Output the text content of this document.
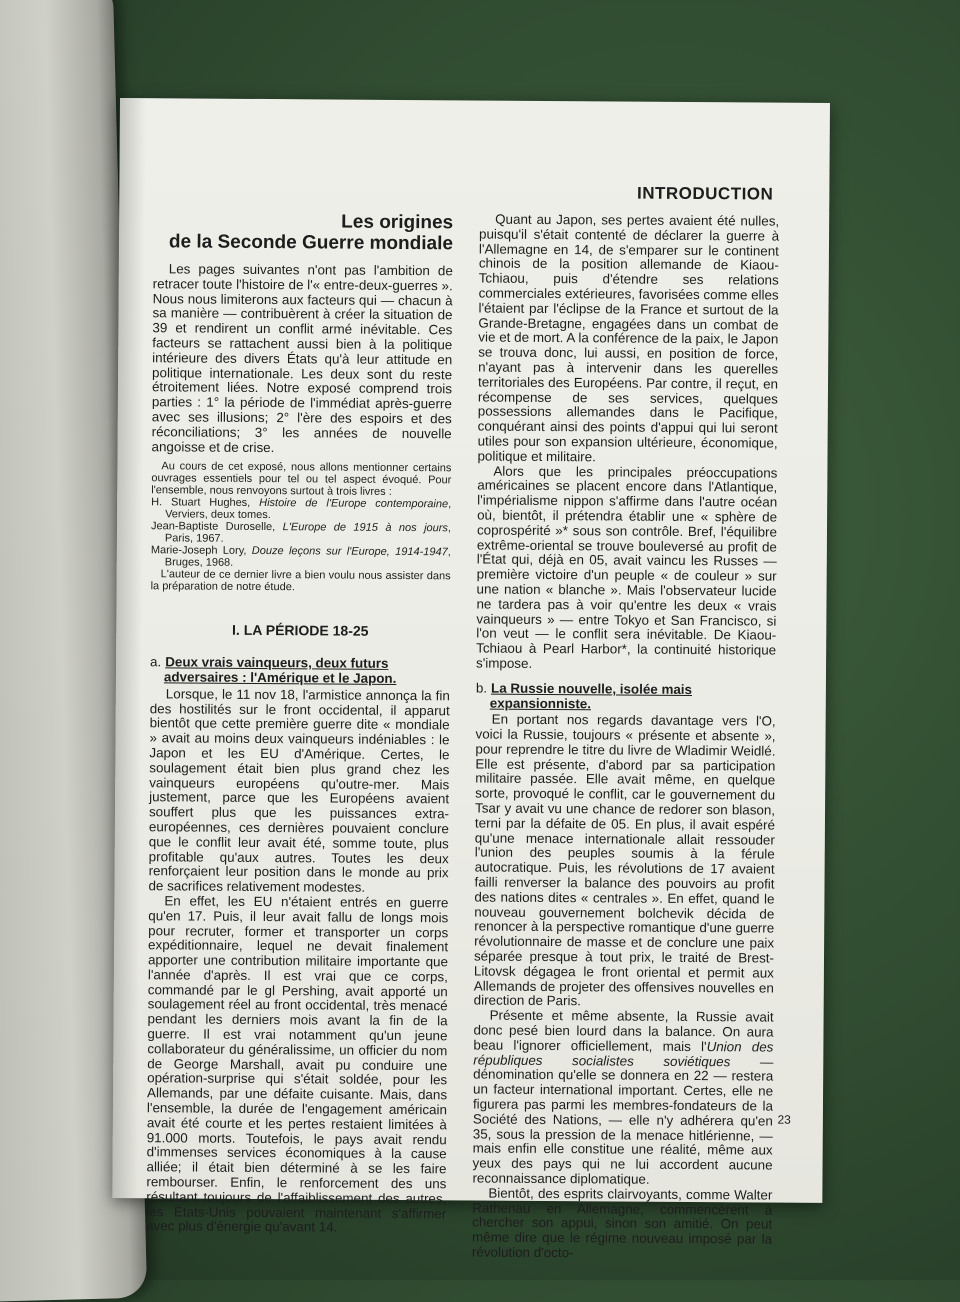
INTRODUCTION
Les origines
de la Seconde Guerre mondiale

Les pages suivantes n'ont pas l'ambition de retracer toute l'histoire de l'« entre-deux-guerres ». Nous nous limiterons aux facteurs qui — chacun à sa manière — contribuèrent à créer la situation de 39 et rendirent un conflit armé inévitable. Ces facteurs se rattachent aussi bien à la politique intérieure des divers États qu'à leur attitude en politique internationale. Les deux sont du reste étroitement liées. Notre exposé comprend trois parties : 1° la période de l'immédiat après-guerre avec ses illusions; 2° l'ère des espoirs et des réconciliations; 3° les années de nouvelle angoisse et de crise.

Au cours de cet exposé, nous allons mentionner certains ouvrages essentiels pour tel ou tel aspect évoqué. Pour l'ensemble, nous renvoyons surtout à trois livres :

H. Stuart Hughes, Histoire de l'Europe contemporaine, Verviers, deux tomes.

Jean-Baptiste Duroselle, L'Europe de 1915 à nos jours, Paris, 1967.

Marie-Joseph Lory, Douze leçons sur l'Europe, 1914-1947, Bruges, 1968.

L'auteur de ce dernier livre a bien voulu nous assister dans la préparation de notre étude.

I. LA PÉRIODE 18-25
a. Deux vrais vainqueurs, deux futurs adversaires : l'Amérique et le Japon.

Lorsque, le 11 nov 18, l'armistice annonça la fin des hostilités sur le front occidental, il apparut bientôt que cette première guerre dite « mondiale » avait au moins deux vainqueurs indéniables : le Japon et les EU d'Amérique. Certes, le soulagement était bien plus grand chez les vainqueurs européens qu'outre-mer. Mais justement, parce que les Européens avaient souffert plus que les puissances extra-européennes, ces dernières pouvaient conclure que le conflit leur avait été, somme toute, plus profitable qu'aux autres. Toutes les deux renforçaient leur position dans le monde au prix de sacrifices relativement modestes.

En effet, les EU n'étaient entrés en guerre qu'en 17. Puis, il leur avait fallu de longs mois pour recruter, former et transporter un corps expéditionnaire, lequel ne devait finalement apporter une contribution militaire importante que l'année d'après. Il est vrai que ce corps, commandé par le gl Pershing, avait apporté un soulagement réel au front occidental, très menacé pendant les derniers mois avant la fin de la guerre. Il est vrai notamment qu'un jeune collaborateur du généralissime, un officier du nom de George Marshall, avait pu conduire une opération-surprise qui s'était soldée, pour les Allemands, par une défaite cuisante. Mais, dans l'ensemble, la durée de l'engagement américain avait été courte et les pertes restaient limitées à 91.000 morts. Toutefois, le pays avait rendu d'immenses services économiques à la cause alliée; il était bien déterminé à se les faire rembourser. Enfin, le renforcement des uns résultant toujours de l'affaiblissement des autres, les États-Unis pouvaient maintenant s'affirmer avec plus d'énergie qu'avant 14.

Quant au Japon, ses pertes avaient été nulles, puisqu'il s'était contenté de déclarer la guerre à l'Allemagne en 14, de s'emparer sur le continent chinois de la position allemande de Kiaou-Tchiaou, puis d'étendre ses relations commerciales extérieures, favorisées comme elles l'étaient par l'éclipse de la France et surtout de la Grande-Bretagne, engagées dans un combat de vie et de mort. A la conférence de la paix, le Japon se trouva donc, lui aussi, en position de force, n'ayant pas à intervenir dans les querelles territoriales des Européens. Par contre, il reçut, en récompense de ses services, quelques possessions allemandes dans le Pacifique, conquérant ainsi des points d'appui qui lui seront utiles pour son expansion ultérieure, économique, politique et militaire.

Alors que les principales préoccupations américaines se placent encore dans l'Atlantique, l'impérialisme nippon s'affirme dans l'autre océan où, bientôt, il prétendra établir une « sphère de coprospérité »* sous son contrôle. Bref, l'équilibre extrême-oriental se trouve bouleversé au profit de l'État qui, déjà en 05, avait vaincu les Russes — première victoire d'un peuple « de couleur » sur une nation « blanche ». Mais l'observateur lucide ne tardera pas à voir qu'entre les deux « vrais vainqueurs » — entre Tokyo et San Francisco, si l'on veut — le conflit sera inévitable. De Kiaou-Tchiaou à Pearl Harbor*, la continuité historique s'impose.

b. La Russie nouvelle, isolée mais expansionniste.

En portant nos regards davantage vers l'O, voici la Russie, toujours « présente et absente », pour reprendre le titre du livre de Wladimir Weidlé. Elle est présente, d'abord par sa participation militaire passée. Elle avait même, en quelque sorte, provoqué le conflit, car le gouvernement du Tsar y avait vu une chance de redorer son blason, terni par la défaite de 05. En plus, il avait espéré qu'une menace internationale allait ressouder l'union des peuples soumis à la férule autocratique. Puis, les révolutions de 17 avaient failli renverser la balance des pouvoirs au profit des nations dites « centrales ». En effet, quand le nouveau gouvernement bolchevik décida de renoncer à la perspective romantique d'une guerre révolutionnaire de masse et de conclure une paix séparée presque à tout prix, le traité de Brest-Litovsk dégagea le front oriental et permit aux Allemands de projeter des offensives nouvelles en direction de Paris.

Présente et même absente, la Russie avait donc pesé bien lourd dans la balance. On aura beau l'ignorer officiellement, mais l'Union des républiques socialistes soviétiques — dénomination qu'elle se donnera en 22 — restera un facteur international important. Certes, elle ne figurera pas parmi les membres-fondateurs de la Société des Nations, — elle n'y adhérera qu'en 35, sous la pression de la menace hitlérienne, — mais enfin elle constitue une réalité, même aux yeux des pays qui ne lui accordent aucune reconnaissance diplomatique.

Bientôt, des esprits clairvoyants, comme Walter Rathenau en Allemagne, commencèrent à chercher son appui, sinon son amitié. On peut même dire que le régime nouveau imposé par la révolution d'octo-

23
